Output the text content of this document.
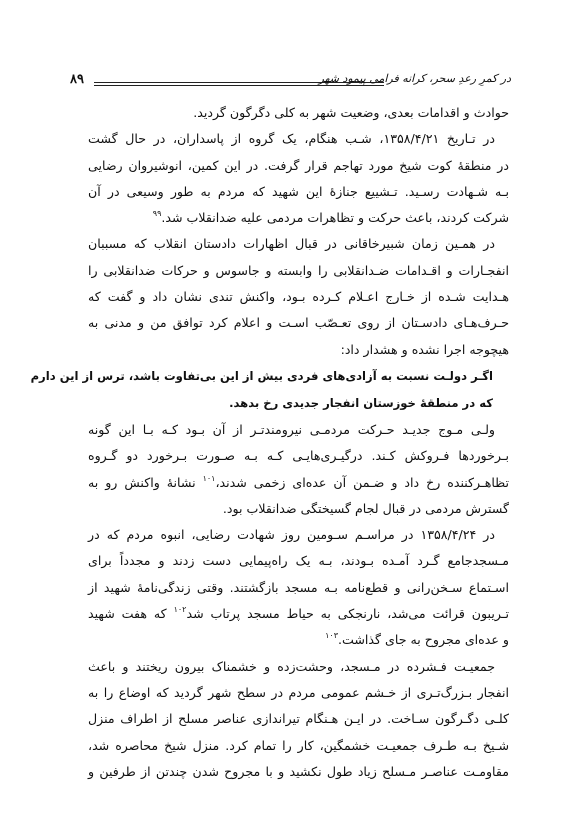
۸۹	در کمرِ رعدِ سحر، کرانه فرامی پیمود شهر
حوادث و اقدامات بعدی، وضعیت شهر به کلی دگرگون گردید.
در تـاریخ ۱۳۵۸/۴/۲۱، شـب هنگام، یک گروه از پاسداران، در حال گشت
در منطقهٔ کوت شیخ مورد تهاجم قرار گرفت. در این کمین، انوشیروان رضایی
بـه شـهادت رسـید. تـشییع جنازهٔ این شهید که مردم به طور وسیعی در آن
شرکت کردند، باعث حرکت و تظاهرات مردمی علیه ضدانقلاب شد.$^{۹۹}$
در همـین زمان شبیرخاقانی در قبال اظهارات دادستان انقلاب که مسببان
انفجـارات و اقـدامات ضـدانقلابی را وابسته و جاسوس و حرکات ضدانقلابی را
هـدایت شـده از خـارج اعـلام کـرده بـود، واکنش تندی نشان داد و گفت که
حـرف‌هـای دادسـتان از روی تعـصّب اسـت و اعلام کرد توافق من و مدنی به
هیچوجه اجرا نشده و هشدار داد:
اگـر دولـت نسبت به آزادی‌های فردی بیش از این بی‌تفاوت باشد، ترس از این دارم
که در منطقهٔ خوزستان انفجار جدیدی رخ بدهد.
ولـی مـوج جدیـد حـرکت مردمـی نیرومندتـر از آن بـود کـه بـا این گونه
بـرخوردها فـروکش کـند. درگیـری‌هایـی کـه بـه صـورت بـرخورد دو گـروه
تظاهـرکننده رخ داد و ضـمن آن عده‌ای زخمی شدند،$^{۱۰۱}$ نشانهٔ واکنش رو به
گسترش مردمی در قبال لجام گسیختگی ضدانقلاب بود.
در ۱۳۵۸/۴/۲۴ در مراسـم سـومین روز شهادت رضایی، انبوه مردم که در
مـسجدجامع گـرد آمـده بـودند، بـه یک راه‌پیمایی دست زدند و مجدداً برای
اسـتماع سـخن‌رانی و قطع‌نامه بـه مسجد بازگشتند. وقتی زندگی‌نامهٔ شهید از
تـریبون قرائت می‌شد، نارنجکی به حیاط مسجد پرتاب شد$^{۱۰۲}$ که هفت شهید
و عده‌ای مجروح به جای گذاشت.$^{۱۰۳}$
جمعیـت فـشرده در مـسجد، وحشت‌زده و خشمناک بیرون ریختند و باعث
انفجار بـزرگ‌تـری از خـشم عمومی مردم در سطح شهر گردید که اوضاع را به
کلـی دگـرگون سـاخت. در ایـن هـنگام تیراندازی عناصر مسلح از اطراف منزل
شـیخ بـه طـرف جمعیـت خشمگین، کار را تمام کرد. منزل شیخ محاصره شد،
مقاومـت عناصـر مـسلح زیاد طول نکشید و با مجروح شدن چندتن از طرفین و
